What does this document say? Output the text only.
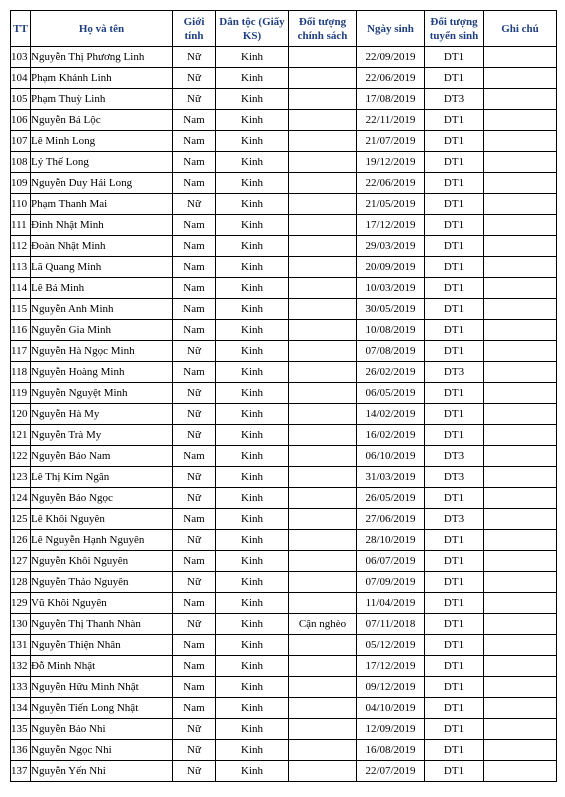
TT	Họ và tên	Giới tính	Dân tộc (Giấy KS)	Đối tượng chính sách	Ngày sinh	Đối tượng tuyển sinh	Ghi chú
103	Nguyễn Thị Phương Linh	Nữ	Kinh		22/09/2019	DT1	
104	Phạm Khánh Linh	Nữ	Kinh		22/06/2019	DT1	
105	Phạm Thuỳ Linh	Nữ	Kinh		17/08/2019	DT3	
106	Nguyễn Bá Lộc	Nam	Kinh		22/11/2019	DT1	
107	Lê Minh Long	Nam	Kinh		21/07/2019	DT1	
108	Lý Thế Long	Nam	Kinh		19/12/2019	DT1	
109	Nguyễn Duy Hải Long	Nam	Kinh		22/06/2019	DT1	
110	Phạm Thanh Mai	Nữ	Kinh		21/05/2019	DT1	
111	Đinh Nhật Minh	Nam	Kinh		17/12/2019	DT1	
112	Đoàn Nhật Minh	Nam	Kinh		29/03/2019	DT1	
113	Lã Quang Minh	Nam	Kinh		20/09/2019	DT1	
114	Lê Bá Minh	Nam	Kinh		10/03/2019	DT1	
115	Nguyễn Anh Minh	Nam	Kinh		30/05/2019	DT1	
116	Nguyễn Gia Minh	Nam	Kinh		10/08/2019	DT1	
117	Nguyễn Hà Ngọc Minh	Nữ	Kinh		07/08/2019	DT1	
118	Nguyễn Hoàng Minh	Nam	Kinh		26/02/2019	DT3	
119	Nguyễn Nguyệt Minh	Nữ	Kinh		06/05/2019	DT1	
120	Nguyễn Hà My	Nữ	Kinh		14/02/2019	DT1	
121	Nguyễn Trà My	Nữ	Kinh		16/02/2019	DT1	
122	Nguyễn Bảo Nam	Nam	Kinh		06/10/2019	DT3	
123	Lê Thị Kim Ngân	Nữ	Kinh		31/03/2019	DT3	
124	Nguyễn Bảo Ngọc	Nữ	Kinh		26/05/2019	DT1	
125	Lê Khôi Nguyên	Nam	Kinh		27/06/2019	DT3	
126	Lê Nguyễn Hạnh Nguyên	Nữ	Kinh		28/10/2019	DT1	
127	Nguyễn Khôi Nguyên	Nam	Kinh		06/07/2019	DT1	
128	Nguyễn Thảo Nguyên	Nữ	Kinh		07/09/2019	DT1	
129	Vũ Khôi Nguyên	Nam	Kinh		11/04/2019	DT1	
130	Nguyễn Thị Thanh Nhàn	Nữ	Kinh	Cận nghèo	07/11/2018	DT1	
131	Nguyễn Thiện Nhân	Nam	Kinh		05/12/2019	DT1	
132	Đỗ Minh Nhật	Nam	Kinh		17/12/2019	DT1	
133	Nguyễn Hữu Minh Nhật	Nam	Kinh		09/12/2019	DT1	
134	Nguyễn Tiến Long Nhật	Nam	Kinh		04/10/2019	DT1	
135	Nguyễn Bảo Nhi	Nữ	Kinh		12/09/2019	DT1	
136	Nguyễn Ngọc Nhi	Nữ	Kinh		16/08/2019	DT1	
137	Nguyễn Yến Nhi	Nữ	Kinh		22/07/2019	DT1	
